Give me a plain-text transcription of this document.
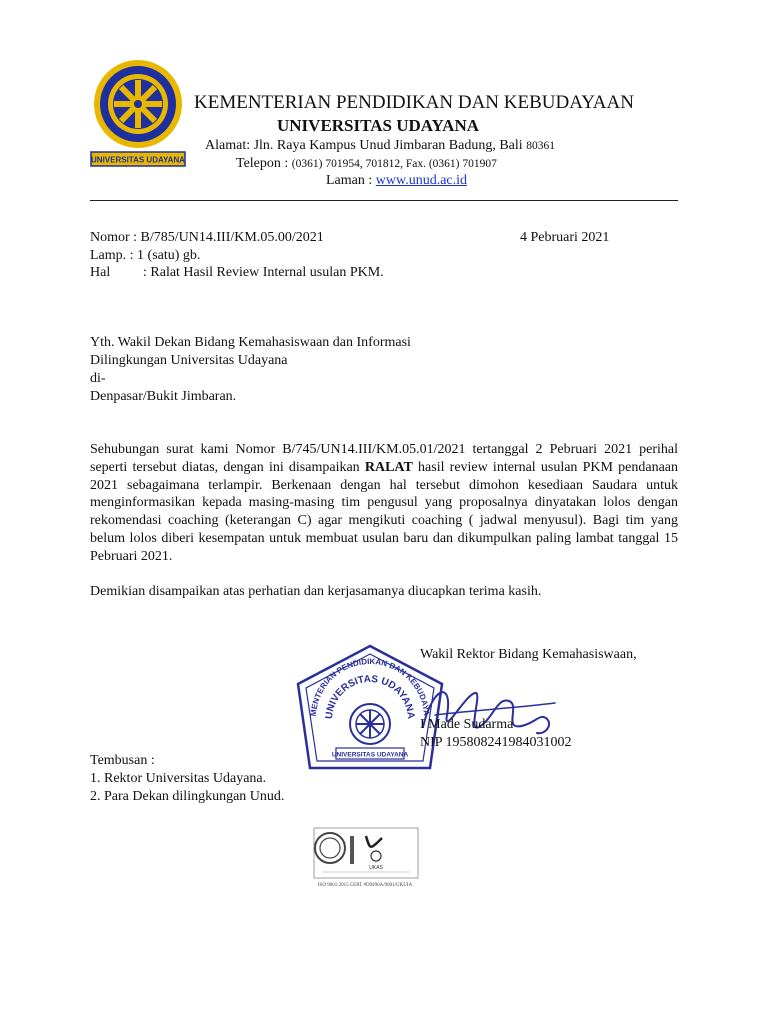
UNIVERSITAS UDAYANA
KEMENTERIAN PENDIDIKAN DAN KEBUDAYAAN
UNIVERSITAS UDAYANA
Alamat: Jln. Raya Kampus Unud Jimbaran Badung, Bali 80361
Telepon : (0361) 701954, 701812, Fax. (0361) 701907
Laman : www.unud.ac.id
Nomor : B/785/UN14.III/KM.05.00/2021	4 Pebruari 2021
Lamp. : 1 (satu) gb.
Hal : Ralat Hasil Review Internal usulan PKM.
Yth. Wakil Dekan Bidang Kemahasiswaan dan Informasi
Dilingkungan Universitas Udayana
di-
Denpasar/Bukit Jimbaran.
Sehubungan surat kami Nomor B/745/UN14.III/KM.05.01/2021 tertanggal 2 Pebruari 2021 perihal seperti tersebut diatas, dengan ini disampaikan RALAT hasil review internal usulan PKM pendanaan 2021 sebagaimana terlampir. Berkenaan dengan hal tersebut dimohon kesediaan Saudara untuk menginformasikan kepada masing-masing tim pengusul yang proposalnya dinyatakan lolos dengan rekomendasi coaching (keterangan C) agar mengikuti coaching ( jadwal menyusul). Bagi tim yang belum lolos diberi kesempatan untuk membuat usulan baru dan dikumpulkan paling lambat tanggal 15 Pebruari 2021.
Demikian disampaikan atas perhatian dan kerjasamanya diucapkan terima kasih.
MENTERIAN PENDIDIKAN DAN KEBUDAYA
UNIVERSITAS UDAYANA
UNIVERSITAS UDAYANA
Wakil Rektor Bidang Kemahasiswaan,
I Made Sudarma
NIP 195808241984031002
Tembusan :
1. Rektor Universitas Udayana.
2. Para Dekan dilingkungan Unud.
UKAS
ISO 9001:2015 CERT #D9490A/9001/UKUIA
